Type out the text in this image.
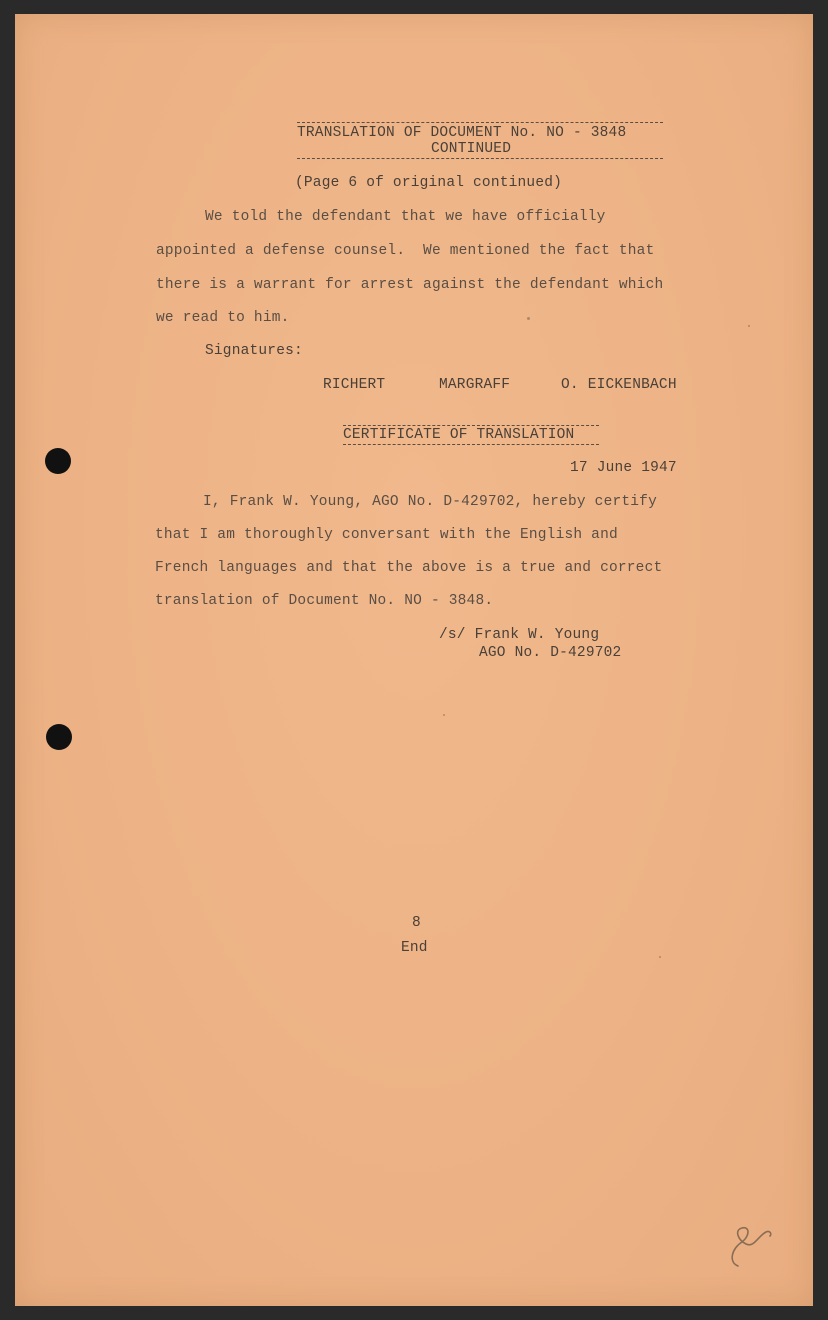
TRANSLATION OF DOCUMENT No. NO - 3848
CONTINUED
(Page 6 of original continued)
We told the defendant that we have officially
appointed a defense counsel.  We mentioned the fact that
there is a warrant for arrest against the defendant which
we read to him.
Signatures:
RICHERT	MARGRAFF	O. EICKENBACH
CERTIFICATE OF TRANSLATION
17 June 1947
I, Frank W. Young, AGO No. D-429702, hereby certify
that I am thoroughly conversant with the English and
French languages and that the above is a true and correct
translation of Document No. NO - 3848.
/s/ Frank W. Young
AGO No. D-429702
8
End
